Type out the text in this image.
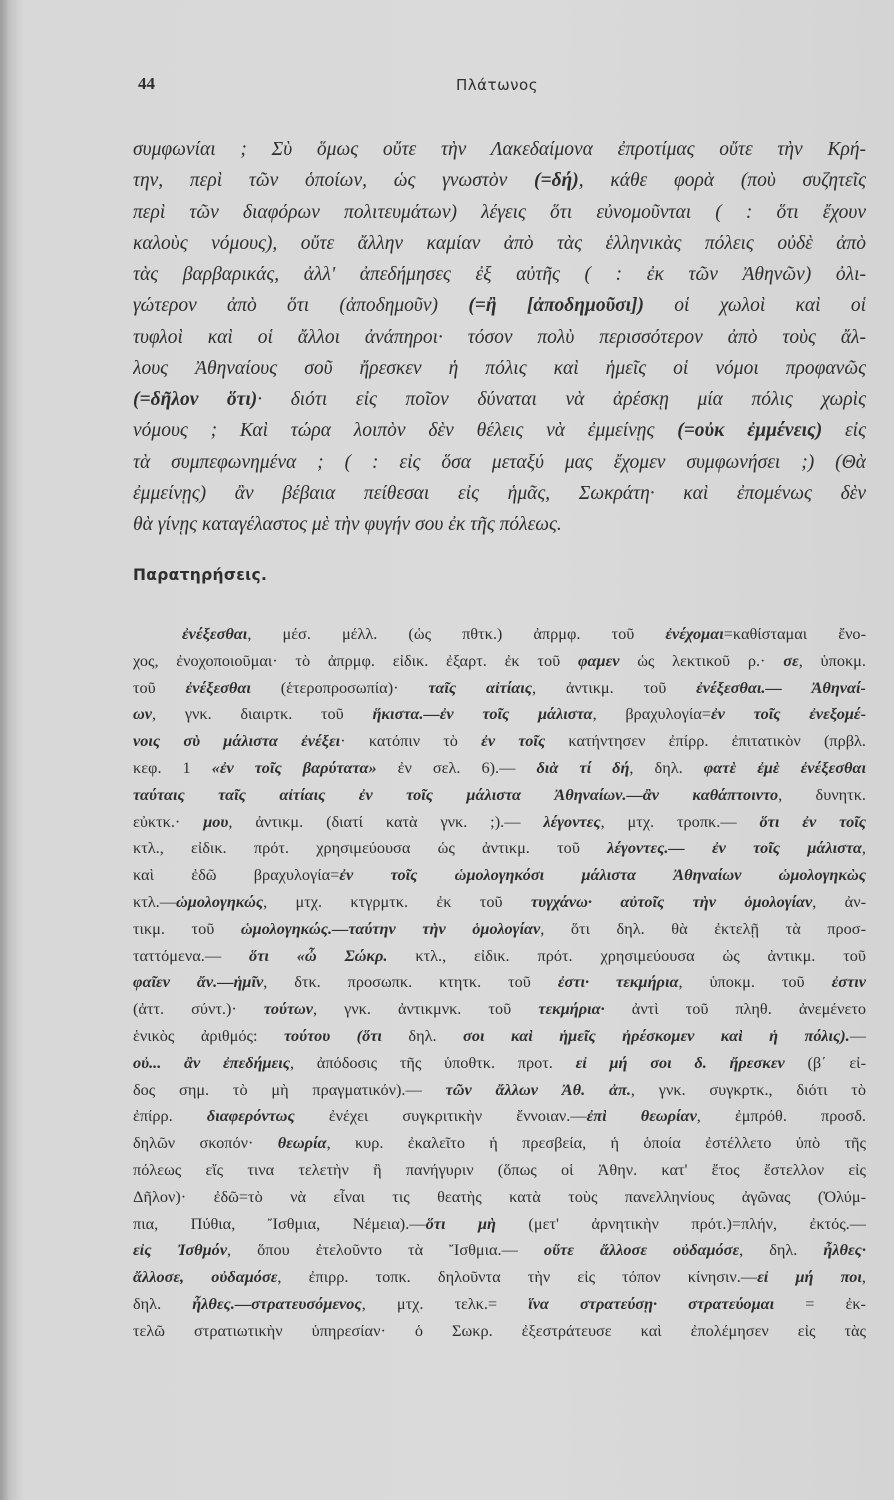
44	Πλάτωνος
συμφωνίαι ; Σὺ ὅμως οὔτε τὴν Λακεδαίμονα ἐπροτίμας οὔτε τὴν Κρή-
την, περὶ τῶν ὁποίων, ὡς γνωστὸν (=δή), κάθε φορὰ (ποὺ συζητεῖς
περὶ τῶν διαφόρων πολιτευμάτων) λέγεις ὅτι εὐνομοῦνται ( : ὅτι ἔχουν
καλοὺς νόμους), οὔτε ἄλλην καμίαν ἀπὸ τὰς ἑλληνικὰς πόλεις οὐδὲ ἀπὸ
τὰς βαρβαρικάς, ἀλλ' ἀπεδήμησες ἐξ αὐτῆς ( : ἐκ τῶν Ἀθηνῶν) ὀλι-
γώτερον ἀπὸ ὅτι (ἀποδημοῦν) (=ἢ [ἀποδημοῦσι]) οἱ χωλοὶ καὶ οἱ
τυφλοὶ καὶ οἱ ἄλλοι ἀνάπηροι· τόσον πολὺ περισσότερον ἀπὸ τοὺς ἄλ-
λους Ἀθηναίους σοῦ ἤρεσκεν ἡ πόλις καὶ ἡμεῖς οἱ νόμοι προφανῶς
(=δῆλον ὅτι)· διότι εἰς ποῖον δύναται νὰ ἀρέσκῃ μία πόλις χωρὶς
νόμους ; Καὶ τώρα λοιπὸν δὲν θέλεις νὰ ἐμμείνῃς (=οὐκ ἐμμένεις) εἰς
τὰ συμπεφωνημένα ; ( : εἰς ὅσα μεταξύ μας ἔχομεν συμφωνήσει ;) (Θὰ
ἐμμείνῃς) ἂν βέβαια πείθεσαι εἰς ἡμᾶς, Σωκράτη· καὶ ἐπομένως δὲν
θὰ γίνῃς καταγέλαστος μὲ τὴν φυγήν σου ἐκ τῆς πόλεως.
Παρατηρήσεις.
ἐνέξεσθαι, μέσ. μέλλ. (ὡς πθτκ.) ἀπρμφ. τοῦ ἐνέχομαι=καθίσταμαι ἔνο-
χος, ἐνοχοποιοῦμαι· τὸ ἀπρμφ. εἰδικ. ἐξαρτ. ἐκ τοῦ φαμεν ὡς λεκτικοῦ ρ.· σε, ὑποκμ.
τοῦ ἐνέξεσθαι (ἑτεροπροσωπία)· ταῖς αἰτίαις, ἀντικμ. τοῦ ἐνέξεσθαι.— Ἀθηναί-
ων, γνκ. διαιρτκ. τοῦ ἥκιστα.—ἐν τοῖς μάλιστα, βραχυλογία=ἐν τοῖς ἐνεξομέ-
νοις σὺ μάλιστα ἐνέξει· κατόπιν τὸ ἐν τοῖς κατήντησεν ἐπίρρ. ἐπιτατικὸν (πρβλ.
κεφ. 1 «ἐν τοῖς βαρύτατα» ἐν σελ. 6).— διὰ τί δή, δηλ. φατὲ ἐμὲ ἐνέξεσθαι
ταύταις ταῖς αἰτίαις ἐν τοῖς μάλιστα Ἀθηναίων.—ἂν καθάπτοιντο, δυνητκ.
εὐκτκ.· μου, ἀντικμ. (διατί κατὰ γνκ. ;).— λέγοντες, μτχ. τροπκ.— ὅτι ἐν τοῖς
κτλ., εἰδικ. πρότ. χρησιμεύουσα ὡς ἀντικμ. τοῦ λέγοντες.— ἐν τοῖς μάλιστα,
καὶ ἐδῶ βραχυλογία=ἐν τοῖς ὡμολογηκόσι μάλιστα Ἀθηναίων ὡμολογηκὼς
κτλ.—ὡμολογηκώς, μτχ. κτγρμτκ. ἐκ τοῦ τυγχάνω· αὐτοῖς τὴν ὁμολογίαν, ἀν-
τικμ. τοῦ ὡμολογηκώς.—ταύτην τὴν ὁμολογίαν, ὅτι δηλ. θὰ ἐκτελῇ τὰ προσ-
ταττόμενα.— ὅτι «ὦ Σώκρ. κτλ., εἰδικ. πρότ. χρησιμεύουσα ὡς ἀντικμ. τοῦ
φαῖεν ἄν.—ἡμῖν, δτκ. προσωπκ. κτητκ. τοῦ ἐστι· τεκμήρια, ὑποκμ. τοῦ ἐστιν
(ἀττ. σύντ.)· τούτων, γνκ. ἀντικμνκ. τοῦ τεκμήρια· ἀντὶ τοῦ πληθ. ἀνεμένετο
ἑνικὸς ἀριθμός: τούτου (ὅτι δηλ. σοι καὶ ἡμεῖς ἠρέσκομεν καὶ ἡ πόλις).—
οὐ... ἂν ἐπεδήμεις, ἀπόδοσις τῆς ὑποθτκ. προτ. εἰ μή σοι δ. ἤρεσκεν (β΄ εἰ-
δος σημ. τὸ μὴ πραγματικόν).— τῶν ἄλλων Ἀθ. ἀπ., γνκ. συγκρτκ., διότι τὸ
ἐπίρρ. διαφερόντως ἐνέχει συγκριτικὴν ἔννοιαν.—ἐπὶ θεωρίαν, ἐμπρόθ. προσδ.
δηλῶν σκοπόν· θεωρία, κυρ. ἐκαλεῖτο ἡ πρεσβεία, ἡ ὁποία ἐστέλλετο ὑπὸ τῆς
πόλεως εἴς τινα τελετὴν ἢ πανήγυριν (ὅπως οἱ Ἀθην. κατ' ἔτος ἔστελλον εἰς
Δῆλον)· ἐδῶ=τὸ νὰ εἶναι τις θεατὴς κατὰ τοὺς πανελληνίους ἀγῶνας (Ὀλύμ-
πια, Πύθια, Ἴσθμια, Νέμεια).—ὅτι μὴ (μετ' ἀρνητικὴν πρότ.)=πλήν, ἐκτός.—
εἰς Ἰσθμόν, ὅπου ἐτελοῦντο τὰ Ἴσθμια.— οὔτε ἄλλοσε οὐδαμόσε, δηλ. ἦλθες·
ἄλλοσε, οὐδαμόσε, ἐπιρρ. τοπκ. δηλοῦντα τὴν εἰς τόπον κίνησιν.—εἰ μή ποι,
δηλ. ἦλθες.—στρατευσόμενος, μτχ. τελκ.= ἵνα στρατεύσῃ· στρατεύομαι = ἐκ-
τελῶ στρατιωτικὴν ὑπηρεσίαν· ὁ Σωκρ. ἐξεστράτευσε καὶ ἐπολέμησεν εἰς τὰς
